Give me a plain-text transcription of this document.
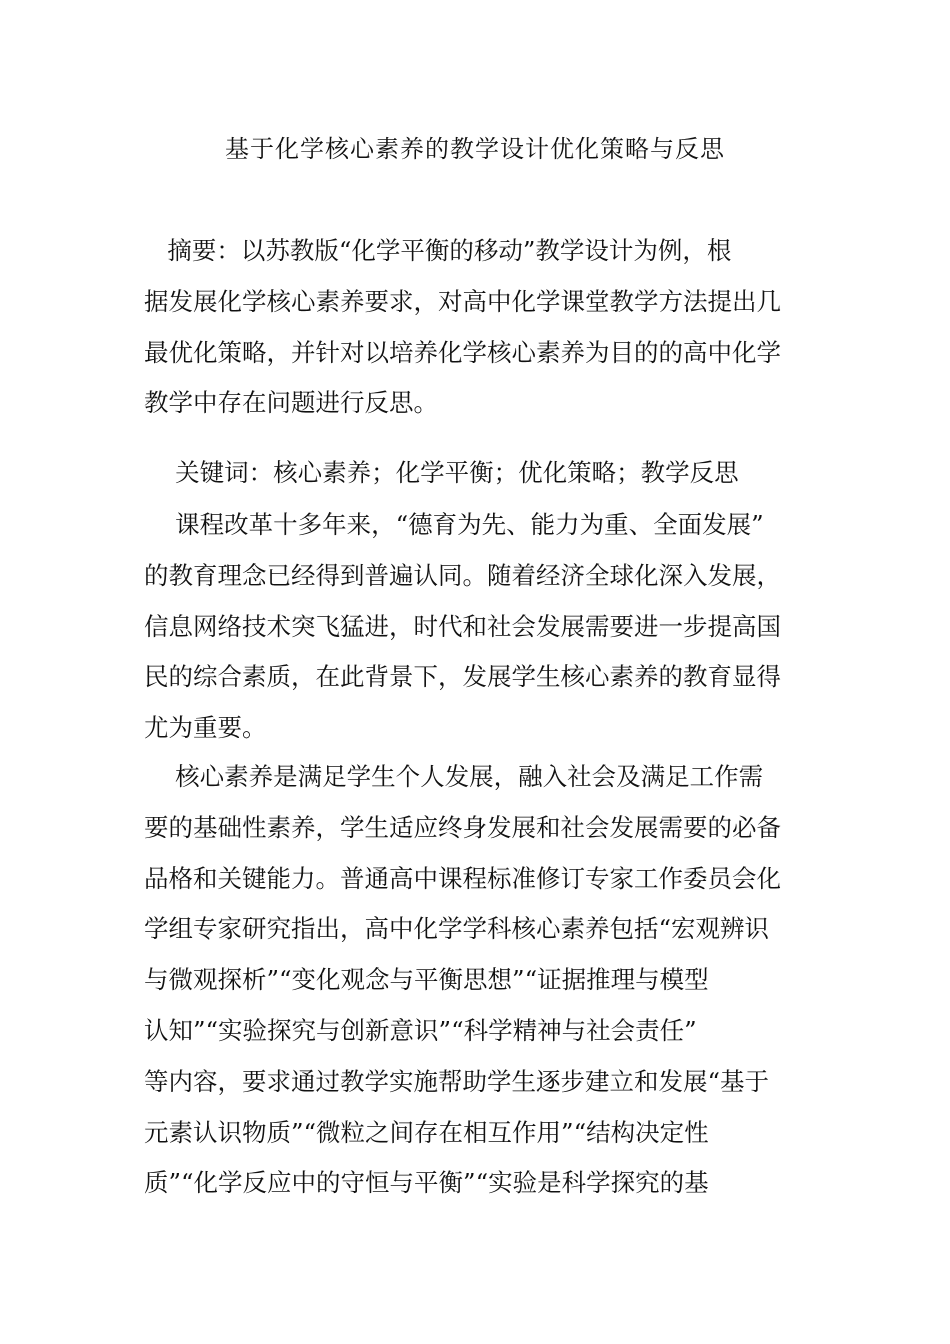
基于化学核心素养的教学设计优化策略与反思
摘要：以苏教版“化学平衡的移动”教学设计为例，根
据发展化学核心素养要求，对高中化学课堂教学方法提出几
最优化策略，并针对以培养化学核心素养为目的的高中化学
教学中存在问题进行反思。
关键词：核心素养；化学平衡；优化策略；教学反思
课程改革十多年来，“德育为先、能力为重、全面发展”
的教育理念已经得到普遍认同。随着经济全球化深入发展，
信息网络技术突飞猛进，时代和社会发展需要进一步提高国
民的综合素质，在此背景下，发展学生核心素养的教育显得
尤为重要。
核心素养是满足学生个人发展，融入社会及满足工作需
要的基础性素养，学生适应终身发展和社会发展需要的必备
品格和关键能力。普通高中课程标准修订专家工作委员会化
学组专家研究指出，高中化学学科核心素养包括“宏观辨识
与微观探析”“变化观念与平衡思想”“证据推理与模型
认知”“实验探究与创新意识”“科学精神与社会责任”
等内容，要求通过教学实施帮助学生逐步建立和发展“基于
元素认识物质”“微粒之间存在相互作用”“结构决定性
质”“化学反应中的守恒与平衡”“实验是科学探究的基
